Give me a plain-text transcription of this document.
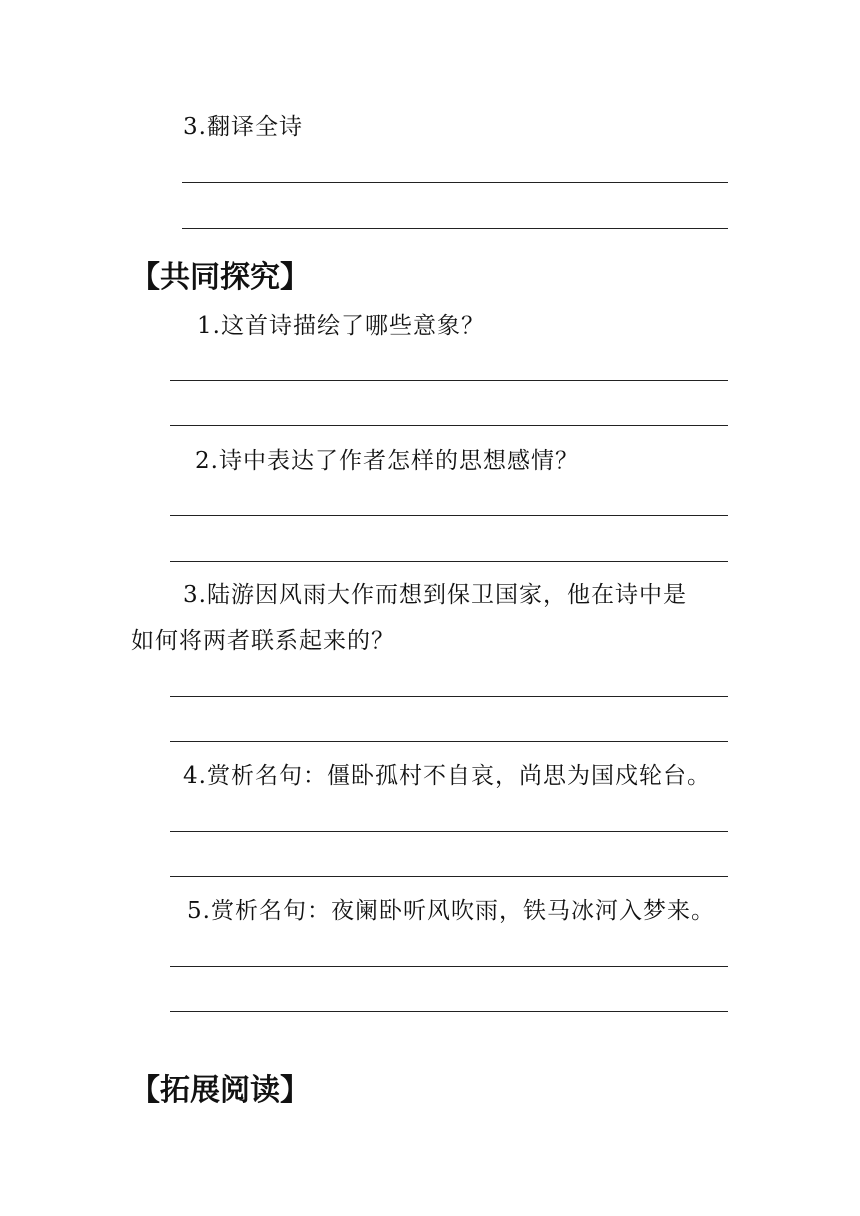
3.翻译全诗
【共同探究】
1.这首诗描绘了哪些意象？
2.诗中表达了作者怎样的思想感情？
3.陆游因风雨大作而想到保卫国家，他在诗中是
如何将两者联系起来的？
4.赏析名句：僵卧孤村不自哀，尚思为国戍轮台。
5.赏析名句：夜阑卧听风吹雨，铁马冰河入梦来。
【拓展阅读】
